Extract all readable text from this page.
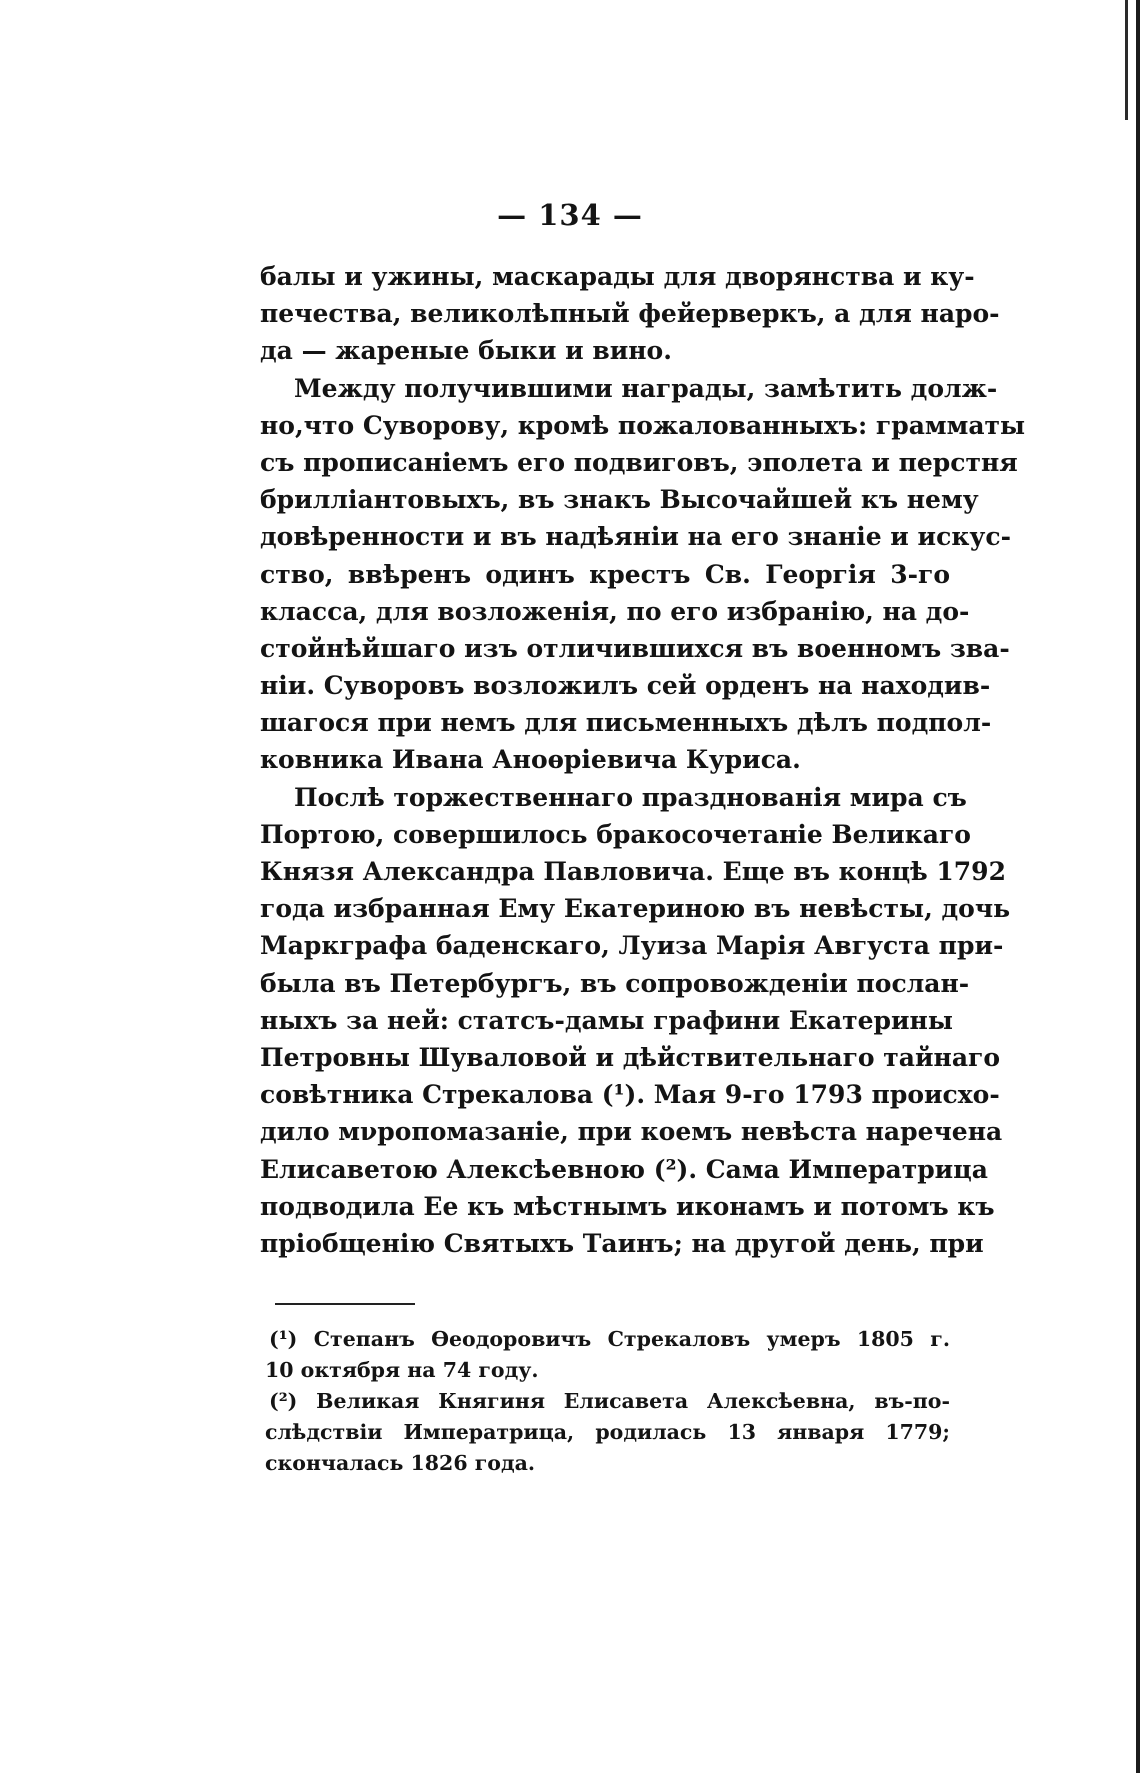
— 134 —
балы и ужины, маскарады для дворянства и ку-
печества, великолѣпный фейерверкъ, а для наро-
да — жареные быки и вино.
Между получившими награды, замѣтить долж-
но,что Суворову, кромѣ пожалованныхъ: граммaты
съ прописаніемъ его подвиговъ, эполета и перстня
бриллiантовыхъ, въ знакъ Высочайшей къ нему
довѣренности и въ надѣяніи на его знаніе и искус-
ство, ввѣренъ одинъ крестъ Св. Георгія 3-го
класса, для возложенія, по его избранію, на до-
стойнѣйшаго изъ отличившихся въ военномъ зва-
ніи. Суворовъ возложилъ сей орденъ на находив-
шагося при немъ для письменныхъ дѣлъ подпол-
ковника Ивана Аноѳріевича Куриса.
Послѣ торжественнаго празднованія мира съ
Портою, совершилось бракосочетаніе Великаго
Князя Александра Павловича. Еще въ концѣ 1792
года избранная Ему Екатериною въ невѣсты, дочь
Маркграфа баденскаго, Луиза Марія Августа при-
была въ Петербургъ, въ сопровожденіи послан-
ныхъ за ней: статсъ-дамы графини Екатерины
Петровны Шуваловой и дѣйствительнаго тайнаго
совѣтника Стрекалова (¹). Мая 9-го 1793 происхо-
дило мνропомазаніе, при коемъ невѣста наречена
Елисаветою Алексѣевною (²). Сама Императрица
подводила Ее къ мѣстнымъ иконамъ и потомъ къ
пріобщенію Святыхъ Таинъ; на другой день, при
(¹) Степанъ Ѳеодоровичъ Стрекаловъ умеръ 1805 г.
10 октября на 74 году.
(²) Великая Княгиня Елисавета Алексѣевна, въ-по-
слѣдствіи Императрица, родилась 13 января 1779;
скончалась 1826 года.
